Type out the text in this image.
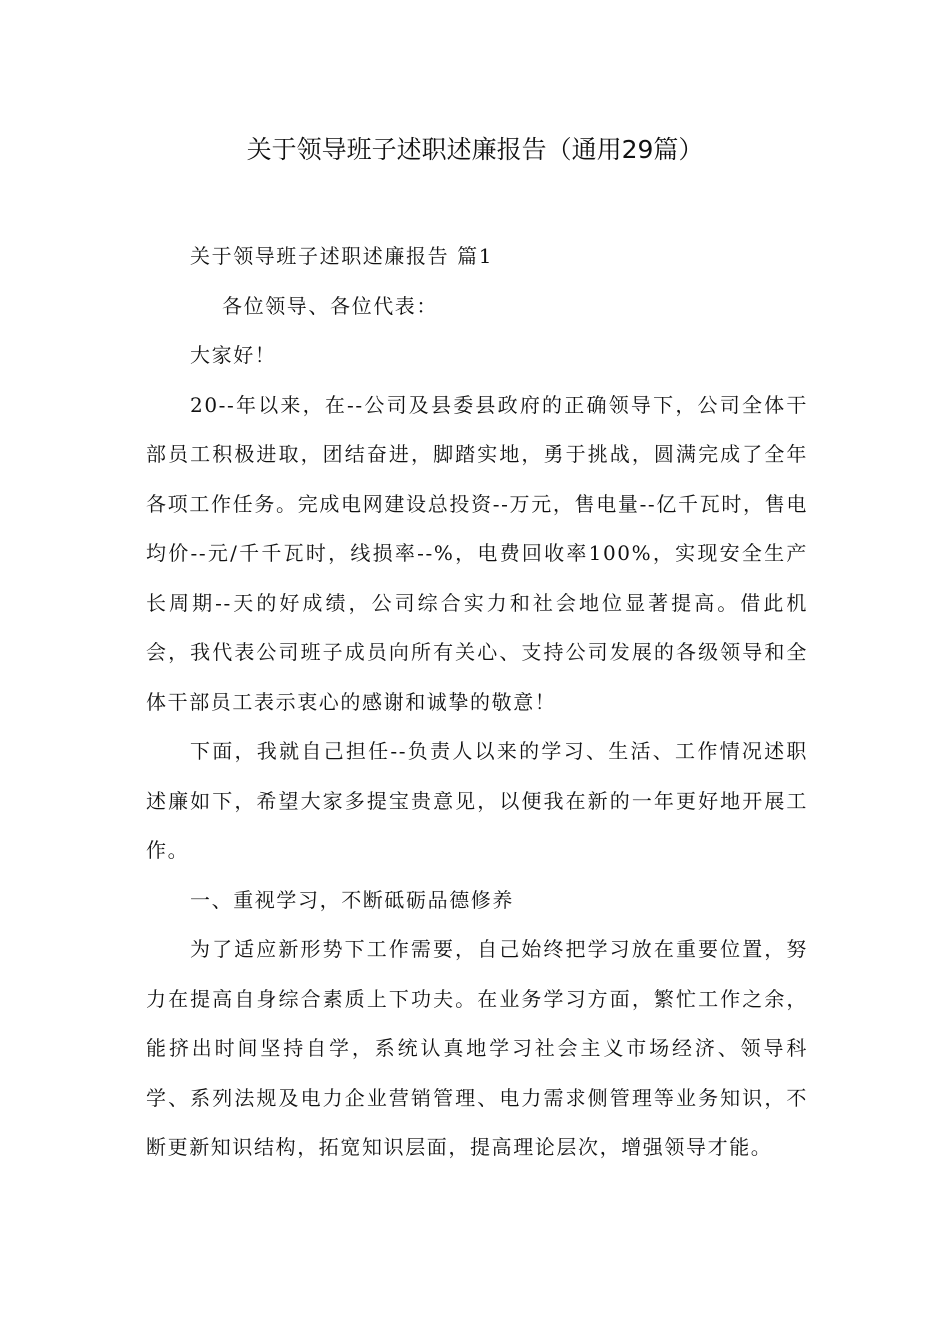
关于领导班子述职述廉报告（通用29篇）

关于领导班子述职述廉报告 篇1

各位领导、各位代表：

大家好！

20--年以来，在--公司及县委县政府的正确领导下，公司全体干部员工积极进取，团结奋进，脚踏实地，勇于挑战，圆满完成了全年各项工作任务。完成电网建设总投资--万元，售电量--亿千瓦时，售电均价--元/千千瓦时，线损率--%，电费回收率100%，实现安全生产长周期--天的好成绩，公司综合实力和社会地位显著提高。借此机会，我代表公司班子成员向所有关心、支持公司发展的各级领导和全体干部员工表示衷心的感谢和诚挚的敬意！

下面，我就自己担任--负责人以来的学习、生活、工作情况述职述廉如下，希望大家多提宝贵意见，以便我在新的一年更好地开展工作。

一、重视学习，不断砥砺品德修养

为了适应新形势下工作需要，自己始终把学习放在重要位置，努力在提高自身综合素质上下功夫。在业务学习方面，繁忙工作之余，能挤出时间坚持自学，系统认真地学习社会主义市场经济、领导科学、系列法规及电力企业营销管理、电力需求侧管理等业务知识，不断更新知识结构，拓宽知识层面，提高理论层次，增强领导才能。
